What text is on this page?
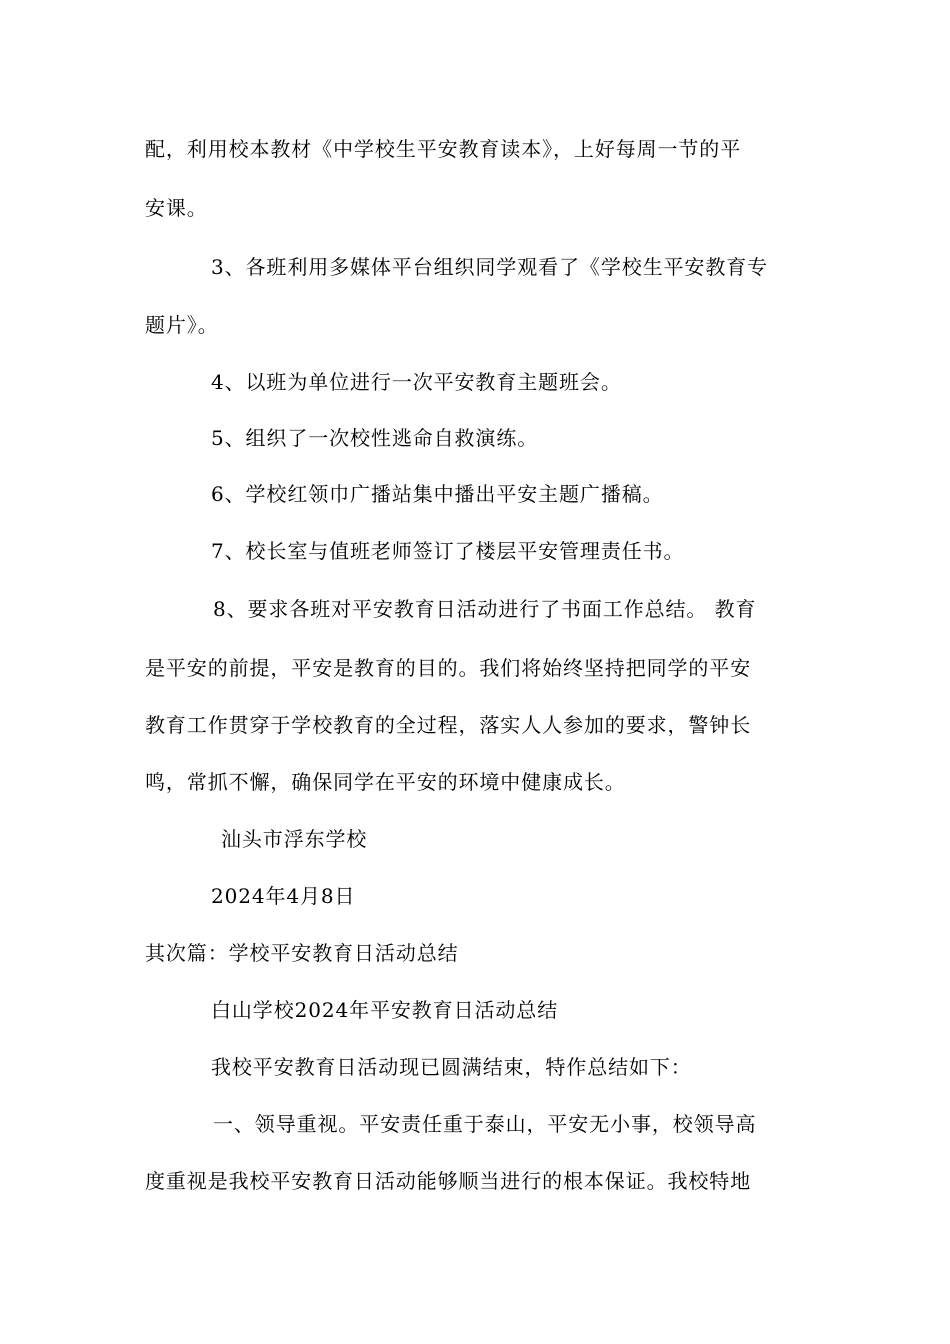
配，利用校本教材《中学校生平安教育读本》，上好每周一节的平
安课。
3、各班利用多媒体平台组织同学观看了《学校生平安教育专
题片》。
4、以班为单位进行一次平安教育主题班会。
5、组织了一次校性逃命自救演练。
6、学校红领巾广播站集中播出平安主题广播稿。
7、校长室与值班老师签订了楼层平安管理责任书。
8、要求各班对平安教育日活动进行了书面工作总结。 教育
是平安的前提，平安是教育的目的。我们将始终坚持把同学的平安
教育工作贯穿于学校教育的全过程，落实人人参加的要求，警钟长
鸣，常抓不懈，确保同学在平安的环境中健康成长。
汕头市浮东学校
2024年4月8日
其次篇：学校平安教育日活动总结
白山学校2024年平安教育日活动总结
我校平安教育日活动现已圆满结束，特作总结如下：
一、领导重视。平安责任重于泰山，平安无小事，校领导高
度重视是我校平安教育日活动能够顺当进行的根本保证。我校特地
